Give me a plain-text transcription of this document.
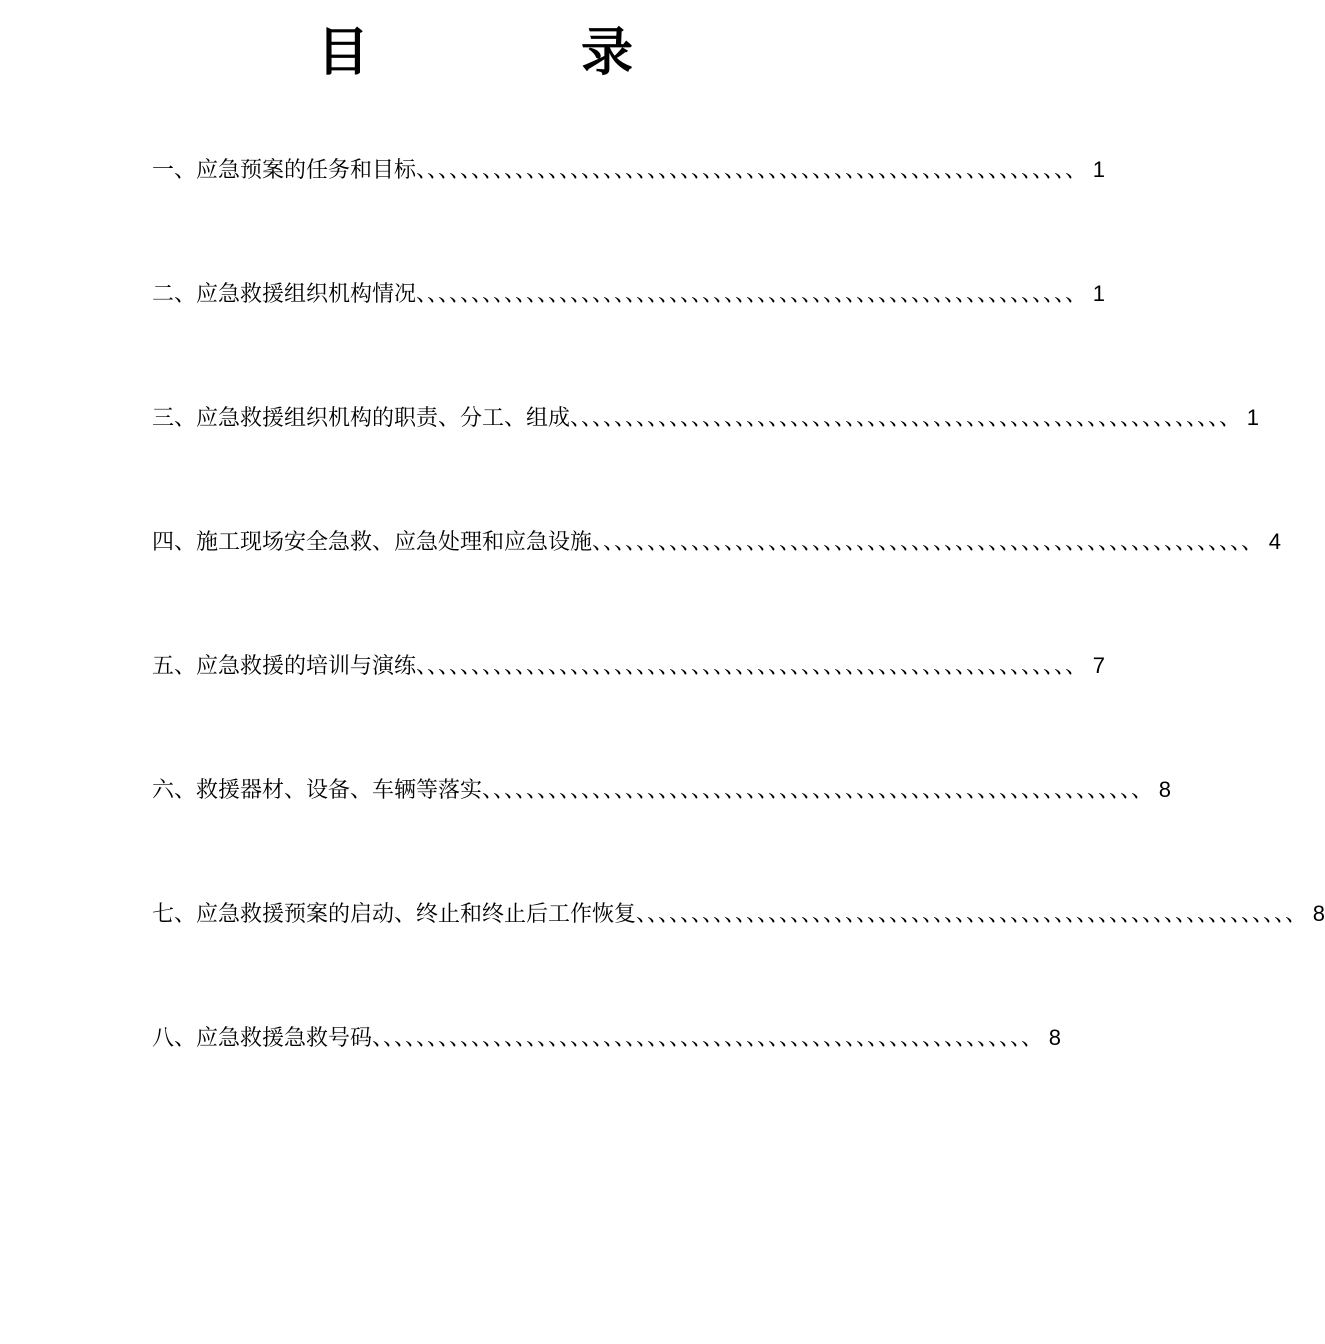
目　录
一、应急预案的任务和目标 、、、、、、、、、、、、、、、、、、、、、、、、、、、、、、、、、、、、、、、、、、、、、、、、、、、、、、、、、、、、 1
二、应急救援组织机构情况 、、、、、、、、、、、、、、、、、、、、、、、、、、、、、、、、、、、、、、、、、、、、、、、、、、、、、、、、、、、、 1
三、应急救援组织机构的职责、分工、组成 、、、、、、、、、、、、、、、、、、、、、、、、、、、、、、、、、、、、、、、、、、、、、、、、、、、、、、、、、、、、 1
四、施工现场安全急救、应急处理和应急设施 、、、、、、、、、、、、、、、、、、、、、、、、、、、、、、、、、、、、、、、、、、、、、、、、、、、、、、、、、、、、 4
五、应急救援的培训与演练 、、、、、、、、、、、、、、、、、、、、、、、、、、、、、、、、、、、、、、、、、、、、、、、、、、、、、、、、、、、、 7
六、救援器材、设备、车辆等落实 、、、、、、、、、、、、、、、、、、、、、、、、、、、、、、、、、、、、、、、、、、、、、、、、、、、、、、、、、、、、 8
七、应急救援预案的启动、终止和终止后工作恢复 、、、、、、、、、、、、、、、、、、、、、、、、、、、、、、、、、、、、、、、、、、、、、、、、、、、、、、、、、、、、 8
八、应急救援急救号码 、、、、、、、、、、、、、、、、、、、、、、、、、、、、、、、、、、、、、、、、、、、、、、、、、、、、、、、、、、、、 8
